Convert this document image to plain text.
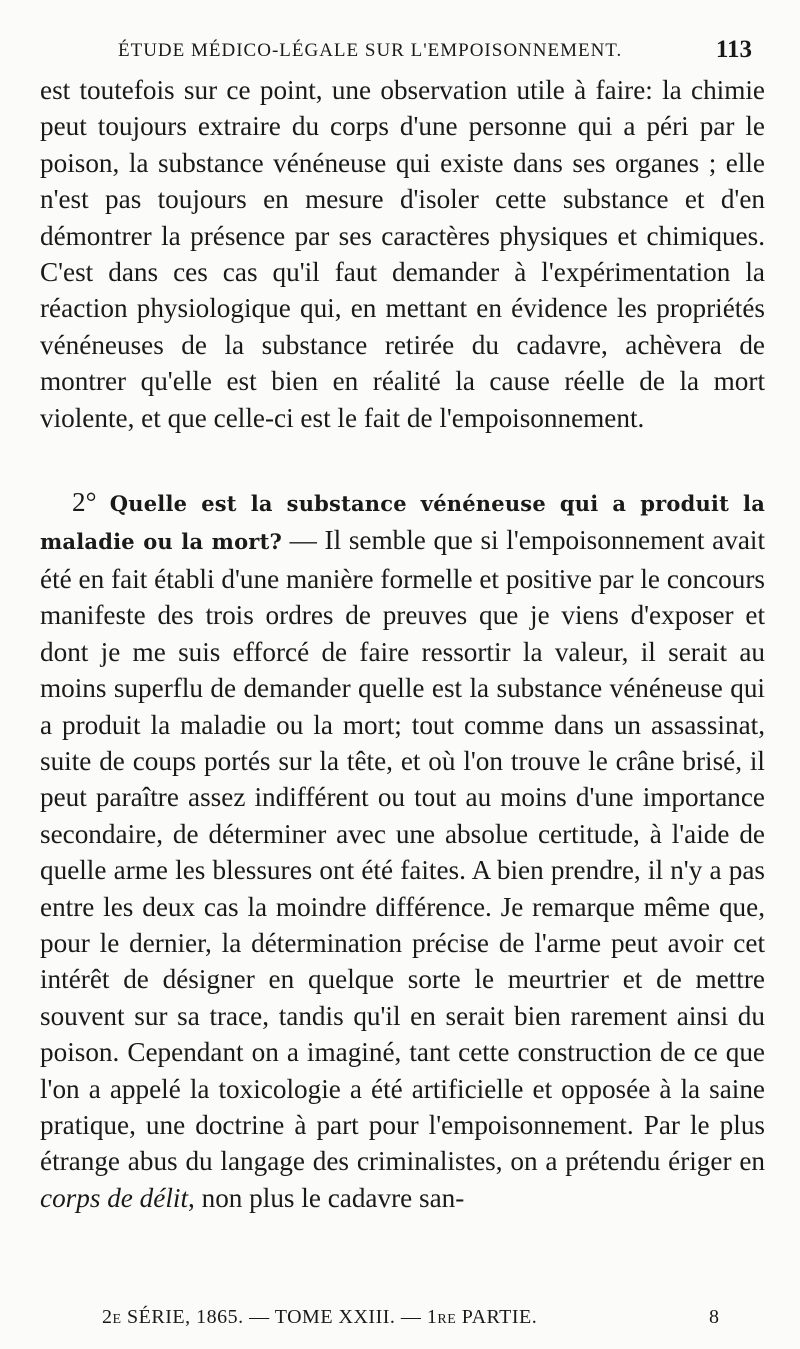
ÉTUDE MÉDICO-LÉGALE SUR L'EMPOISONNEMENT.	113

est toutefois sur ce point, une observation utile à faire: la chimie peut toujours extraire du corps d'une personne qui a péri par le poison, la substance vénéneuse qui existe dans ses organes ; elle n'est pas toujours en mesure d'isoler cette substance et d'en démontrer la présence par ses caractères physiques et chimiques. C'est dans ces cas qu'il faut demander à l'expérimentation la réaction physiologique qui, en mettant en évidence les propriétés vénéneuses de la substance retirée du cadavre, achèvera de montrer qu'elle est bien en réalité la cause réelle de la mort violente, et que celle-ci est le fait de l'empoisonnement.

2° Quelle est la substance vénéneuse qui a produit la maladie ou la mort? — Il semble que si l'empoisonnement avait été en fait établi d'une manière formelle et positive par le concours manifeste des trois ordres de preuves que je viens d'exposer et dont je me suis efforcé de faire ressortir la valeur, il serait au moins superflu de demander quelle est la substance vénéneuse qui a produit la maladie ou la mort; tout comme dans un assassinat, suite de coups portés sur la tête, et où l'on trouve le crâne brisé, il peut paraître assez indifférent ou tout au moins d'une importance secondaire, de déterminer avec une absolue certitude, à l'aide de quelle arme les blessures ont été faites. A bien prendre, il n'y a pas entre les deux cas la moindre différence. Je remarque même que, pour le dernier, la détermination précise de l'arme peut avoir cet intérêt de désigner en quelque sorte le meurtrier et de mettre souvent sur sa trace, tandis qu'il en serait bien rarement ainsi du poison. Cependant on a imaginé, tant cette construction de ce que l'on a appelé la toxicologie a été artificielle et opposée à la saine pratique, une doctrine à part pour l'empoisonnement. Par le plus étrange abus du langage des criminalistes, on a prétendu ériger en corps de délit, non plus le cadavre san-

2e SÉRIE, 1865. — TOME XXIII. — 1re PARTIE.	8
